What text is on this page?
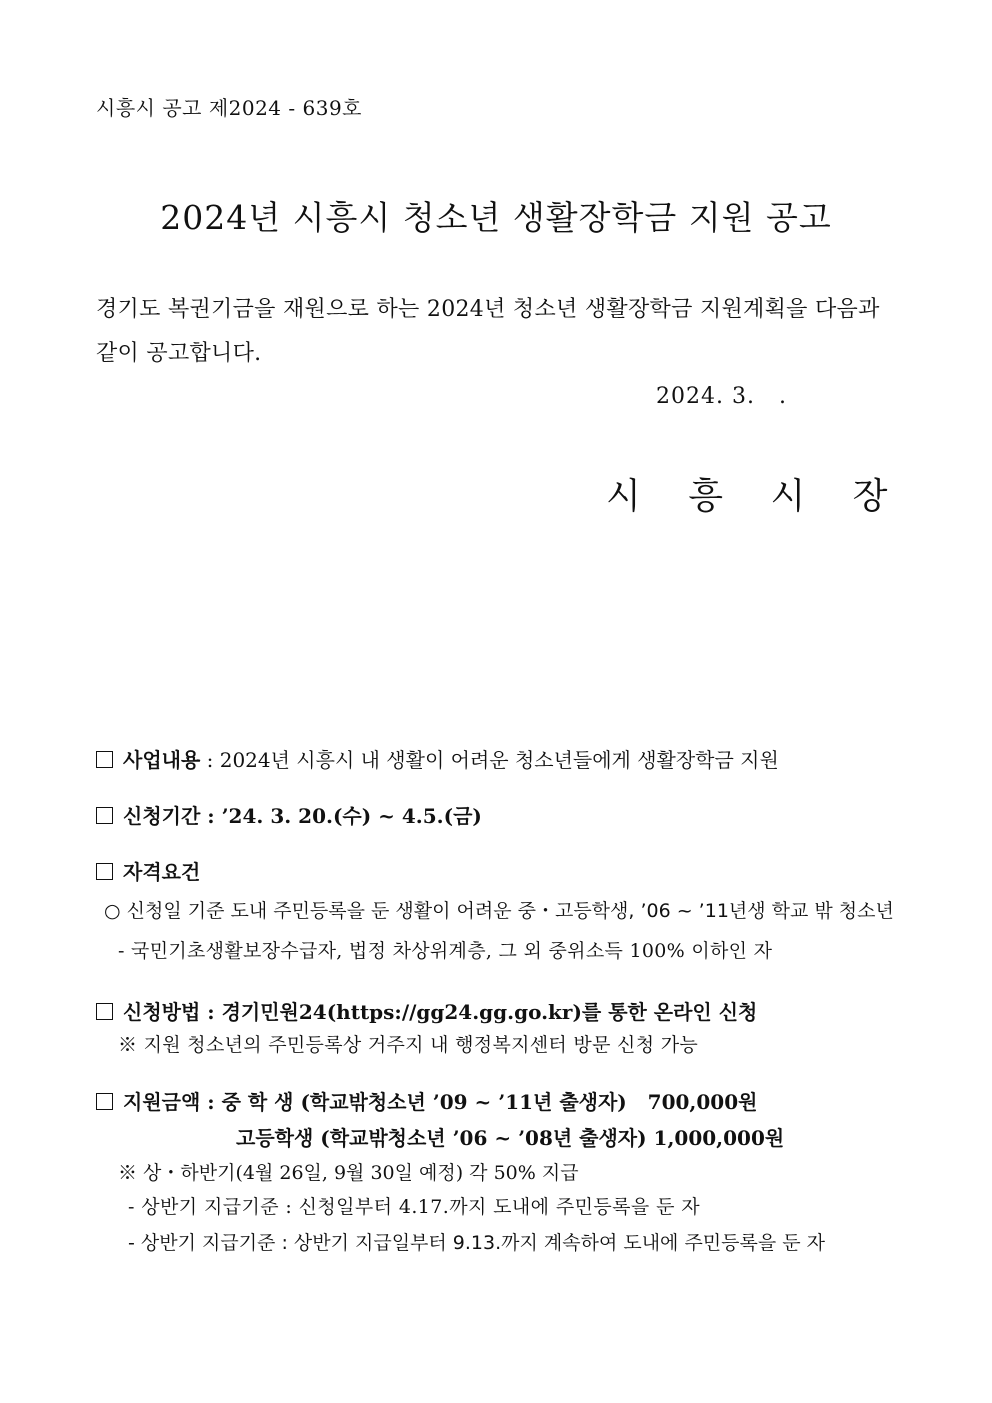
시흥시 공고 제2024 - 639호
2024년 시흥시 청소년 생활장학금 지원 공고
경기도 복권기금을 재원으로 하는 2024년 청소년 생활장학금 지원계획을 다음과 같이 공고합니다.
2024. 3.   .
시 흥 시 장
사업내용 : 2024년 시흥시 내 생활이 어려운 청소년들에게 생활장학금 지원
신청기간 : ’24. 3. 20.(수) ~ 4.5.(금)
자격요건
○ 신청일 기준 도내 주민등록을 둔 생활이 어려운 중・고등학생, ’06 ~ ’11년생 학교 밖 청소년
- 국민기초생활보장수급자, 법정 차상위계층, 그 외 중위소득 100% 이하인 자
신청방법 : 경기민원24(https://gg24.gg.go.kr)를 통한 온라인 신청
※ 지원 청소년의 주민등록상 거주지 내 행정복지센터 방문 신청 가능
지원금액 : 중 학 생 (학교밖청소년 ’09 ~ ’11년 출생자)   700,000원
고등학생 (학교밖청소년 ’06 ~ ’08년 출생자) 1,000,000원
※ 상・하반기(4월 26일, 9월 30일 예정) 각 50% 지급
- 상반기 지급기준 : 신청일부터 4.17.까지 도내에 주민등록을 둔 자
- 상반기 지급기준 : 상반기 지급일부터 9.13.까지 계속하여 도내에 주민등록을 둔 자
